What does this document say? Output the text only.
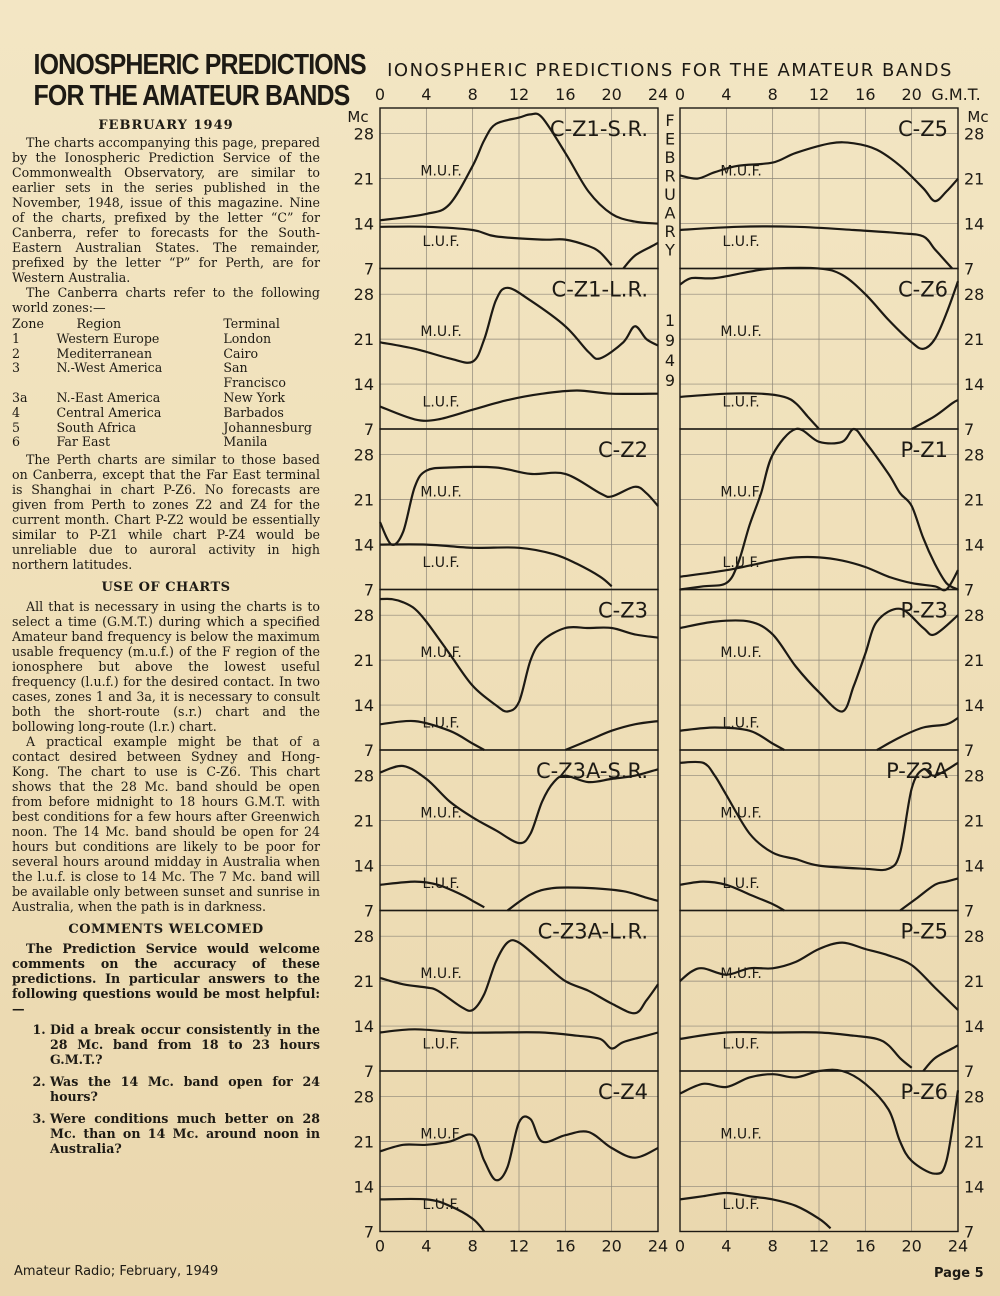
IONOSPHERIC PREDICTIONS
FOR THE AMATEUR BANDS
FEBRUARY 1949

The charts accompanying this page, prepared by the Ionospheric Prediction Service of the Commonwealth Observatory, are similar to earlier sets in the series published in the November, 1948, issue of this magazine. Nine of the charts, prefixed by the letter “C” for Canberra, refer to forecasts for the South-Eastern Australian States. The remainder, prefixed by the letter “P” for Perth, are for Western Australia.

The Canberra charts refer to the following world zones:—

Zone	Region	Terminal
1	Western Europe	London
2	Mediterranean	Cairo
3	N.-West America	San Francisco
3a	N.-East America	New York
4	Central America	Barbados
5	South Africa	Johannesburg
6	Far East	Manila

The Perth charts are similar to those based on Canberra, except that the Far East terminal is Shanghai in chart P-Z6. No forecasts are given from Perth to zones Z2 and Z4 for the current month. Chart P-Z2 would be essentially similar to P-Z1 while chart P-Z4 would be unreliable due to auroral activity in high northern latitudes.

USE OF CHARTS

All that is necessary in using the charts is to select a time (G.M.T.) during which a specified Amateur band frequency is below the maximum usable frequency (m.u.f.) of the F region of the ionosphere but above the lowest useful frequency (l.u.f.) for the desired contact. In two cases, zones 1 and 3a, it is necessary to consult both the short-route (s.r.) chart and the bollowing long-route (l.r.) chart.

A practical example might be that of a contact desired between Sydney and Hong-Kong. The chart to use is C-Z6. This chart shows that the 28 Mc. band should be open from before midnight to 18 hours G.M.T. with best conditions for a few hours after Greenwich noon. The 14 Mc. band should be open for 24 hours but conditions are likely to be poor for several hours around midday in Australia when the l.u.f. is close to 14 Mc. The 7 Mc. band will be available only between sunset and sunrise in Australia, when the path is in darkness.

COMMENTS WELCOMED

The Prediction Service would welcome comments on the accuracy of these predictions. In particular answers to the following questions would be most helpful:—

1. Did a break occur consistently in the 28 Mc. band from 18 to 23 hours G.M.T.?
2. Was the 14 Mc. band open for 24 hours?
3. Were conditions much better on 28 Mc. than on 14 Mc. around noon in Australia?
IONOSPHERIC PREDICTIONS FOR THE AMATEUR BANDS
0 4 8 12 16 20 24 0 4 8 12 16 20 G.M.T.
0 4 8 12 16 20 24 0 4 8 12 16 20 24
Mc	Mc
F
E
B
R
U
A
R
Y
1
9
4
9
7
14
21
28	C-Z1-S.R.
M.U.F.
L.U.F.
7
14
21
28
C-Z5
M.U.F.
L.U.F.
7
14
21
28	C-Z1-L.R.
M.U.F.
L.U.F.
7
14
21
28
C-Z6
M.U.F.
L.U.F.
7
14
21
28	C-Z2
M.U.F.
L.U.F.
7
14
21
28
P-Z1
M.U.F.
L.U.F.
7
14
21
28	C-Z3
M.U.F.
L.U.F.
7
14
21
28
P-Z3
M.U.F.
L.U.F.
7
14
21
28	C-Z3A-S.R.
M.U.F.
L.U.F.
7
14
21
28
P-Z3A
M.U.F.
L.U.F.
7
14
21
28	C-Z3A-L.R.
M.U.F.
L.U.F.
7
14
21
28
P-Z5
M.U.F.
L.U.F.
7
14
21
28	C-Z4
M.U.F.
L.U.F.
7
14
21
28
P-Z6
M.U.F.
L.U.F.
Amateur Radio; February, 1949	Page 5
